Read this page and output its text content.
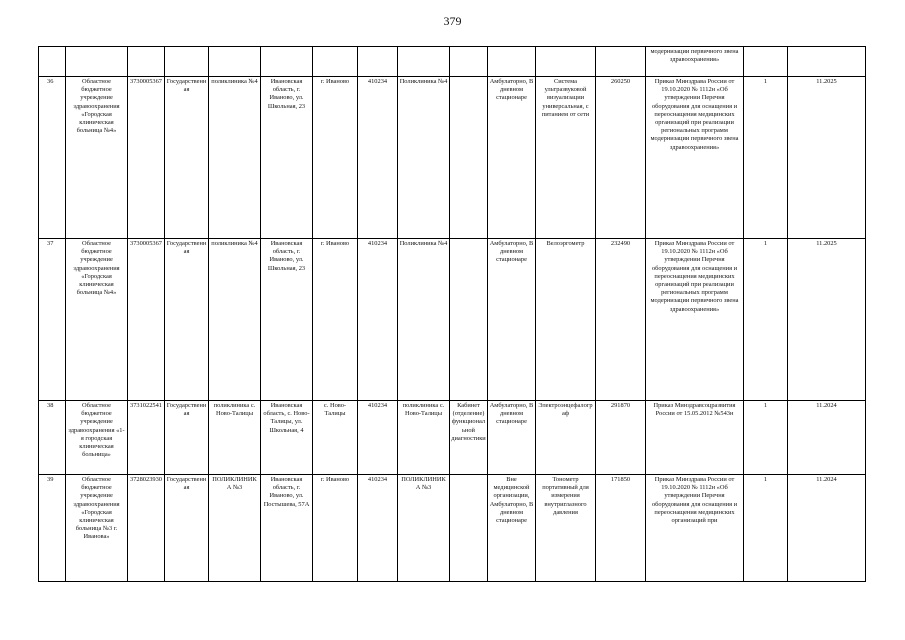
379
													модернизации первичного звена здравоохранения»		
36	Областное бюджетное учреждение здравоохранения «Городская клиническая больница №4»	3730005367	Государственная	поликлиника №4	Ивановская область, г. Иваново, ул. Школьная, 23	г. Иваново	410234	Поликлиника №4		Амбулаторно, В дневном стационаре	Система ультразвуковой визуализации универсальная, с питанием от сети	260250	Приказ Минздрава России от 19.10.2020 № 1112н «Об утверждении Перечня оборудования для оснащения и переоснащения медицинских организаций при реализации региональных программ модернизации первичного звена здравоохранения»	1	11.2025
37	Областное бюджетное учреждение здравоохранения «Городская клиническая больница №4»	3730005367	Государственная	поликлиника №4	Ивановская область, г. Иваново, ул. Школьная, 23	г. Иваново	410234	Поликлиника №4		Амбулаторно, В дневном стационаре	Велоэргометр	232490	Приказ Минздрава России от 19.10.2020 № 1112н «Об утверждении Перечня оборудования для оснащения и переоснащения медицинских организаций при реализации региональных программ модернизации первичного звена здравоохранения»	1	11.2025
38	Областное бюджетное учреждение здравоохранения «1-я городская клиническая больница»	3731022541	Государственная	поликлиника с. Ново-Талицы	Ивановская область, с. Ново-Талицы, ул. Школьная, 4	с. Ново-Талицы	410234	поликлиника с. Ново-Талицы	Кабинет (отделение) функциональной диагностики	Амбулаторно, В дневном стационаре	Электроэнцефалограф	291870	Приказ Минздравсоцразвития России от 15.05.2012 №543н	1	11.2024
39	Областное бюджетное учреждение здравоохранения «Городская клиническая больница №3 г. Иванова»	3728023930	Государственная	ПОЛИКЛИНИКА №3	Ивановская область, г. Иваново, ул. Постышева, 57А	г. Иваново	410234	ПОЛИКЛИНИКА №3		Вне медицинской организации, Амбулаторно, В дневном стационаре	Тонометр портативный для измерения внутриглазного давления	171850	Приказ Минздрава России от 19.10.2020 № 1112н «Об утверждении Перечня оборудования для оснащения и переоснащения медицинских организаций при	1	11.2024
